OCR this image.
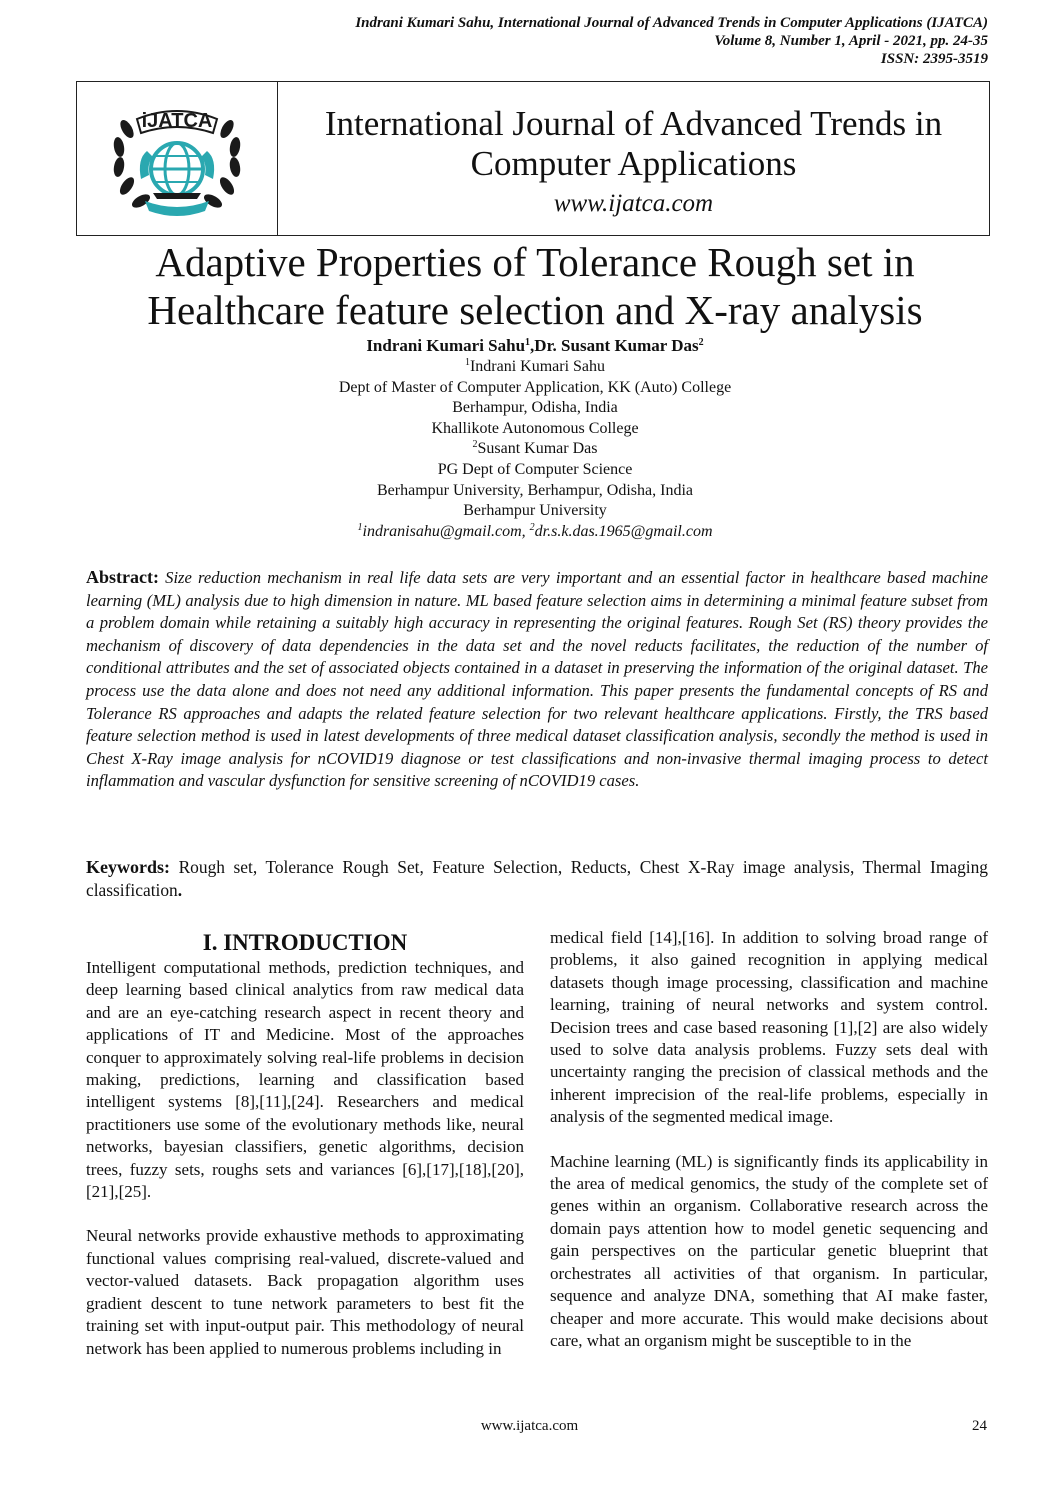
Indrani Kumari Sahu, International Journal of Advanced Trends in Computer Applications (IJATCA)
Volume 8, Number 1, April - 2021, pp. 24-35
ISSN: 2395-3519
iJATCA	International Journal of Advanced Trends in Computer Applications
www.ijatca.com
Adaptive Properties of Tolerance Rough set in
Healthcare feature selection and X-ray analysis
Indrani Kumari Sahu$^1$,Dr. Susant Kumar Das$^2$
$^1$Indrani Kumari Sahu
Dept of Master of Computer Application, KK (Auto) College
Berhampur, Odisha, India
Khallikote Autonomous College
$^2$Susant Kumar Das
PG Dept of Computer Science
Berhampur University, Berhampur, Odisha, India
Berhampur University
$^1$indranisahu@gmail.com, $^2$dr.s.k.das.1965@gmail.com
Abstract: Size reduction mechanism in real life data sets are very important and an essential factor in healthcare based machine learning (ML) analysis due to high dimension in nature. ML based feature selection aims in determining a minimal feature subset from a problem domain while retaining a suitably high accuracy in representing the original features. Rough Set (RS) theory provides the mechanism of discovery of data dependencies in the data set and the novel reducts facilitates, the reduction of the number of conditional attributes and the set of associated objects contained in a dataset in preserving the information of the original dataset. The process use the data alone and does not need any additional information. This paper presents the fundamental concepts of RS and Tolerance RS approaches and adapts the related feature selection for two relevant healthcare applications. Firstly, the TRS based feature selection method is used in latest developments of three medical dataset classification analysis, secondly the method is used in Chest X-Ray image analysis for nCOVID19 diagnose or test classifications and non-invasive thermal imaging process to detect inflammation and vascular dysfunction for sensitive screening of nCOVID19 cases.
Keywords: Rough set, Tolerance Rough Set, Feature Selection, Reducts, Chest X-Ray image analysis, Thermal Imaging classification.
I. INTRODUCTION

Intelligent computational methods, prediction techniques, and deep learning based clinical analytics from raw medical data and are an eye-catching research aspect in recent theory and applications of IT and Medicine. Most of the approaches conquer to approximately solving real-life problems in decision making, predictions, learning and classification based intelligent systems [8],[11],[24]. Researchers and medical practitioners use some of the evolutionary methods like, neural networks, bayesian classifiers, genetic algorithms, decision trees, fuzzy sets, roughs sets and variances [6],[17],[18],[20],[21],[25].

Neural networks provide exhaustive methods to approximating functional values comprising real-valued, discrete-valued and vector-valued datasets. Back propagation algorithm uses gradient descent to tune network parameters to best fit the training set with input-output pair. This methodology of neural network has been applied to numerous problems including in

medical field [14],[16]. In addition to solving broad range of problems, it also gained recognition in applying medical datasets though image processing, classification and machine learning, training of neural networks and system control. Decision trees and case based reasoning [1],[2] are also widely used to solve data analysis problems. Fuzzy sets deal with uncertainty ranging the precision of classical methods and the inherent imprecision of the real-life problems, especially in analysis of the segmented medical image.

Machine learning (ML) is significantly finds its applicability in the area of medical genomics, the study of the complete set of genes within an organism. Collaborative research across the domain pays attention how to model genetic sequencing and gain perspectives on the particular genetic blueprint that orchestrates all activities of that organism. In particular, sequence and analyze DNA, something that AI make faster, cheaper and more accurate. This would make decisions about care, what an organism might be susceptible to in the

www.ijatca.com	24
